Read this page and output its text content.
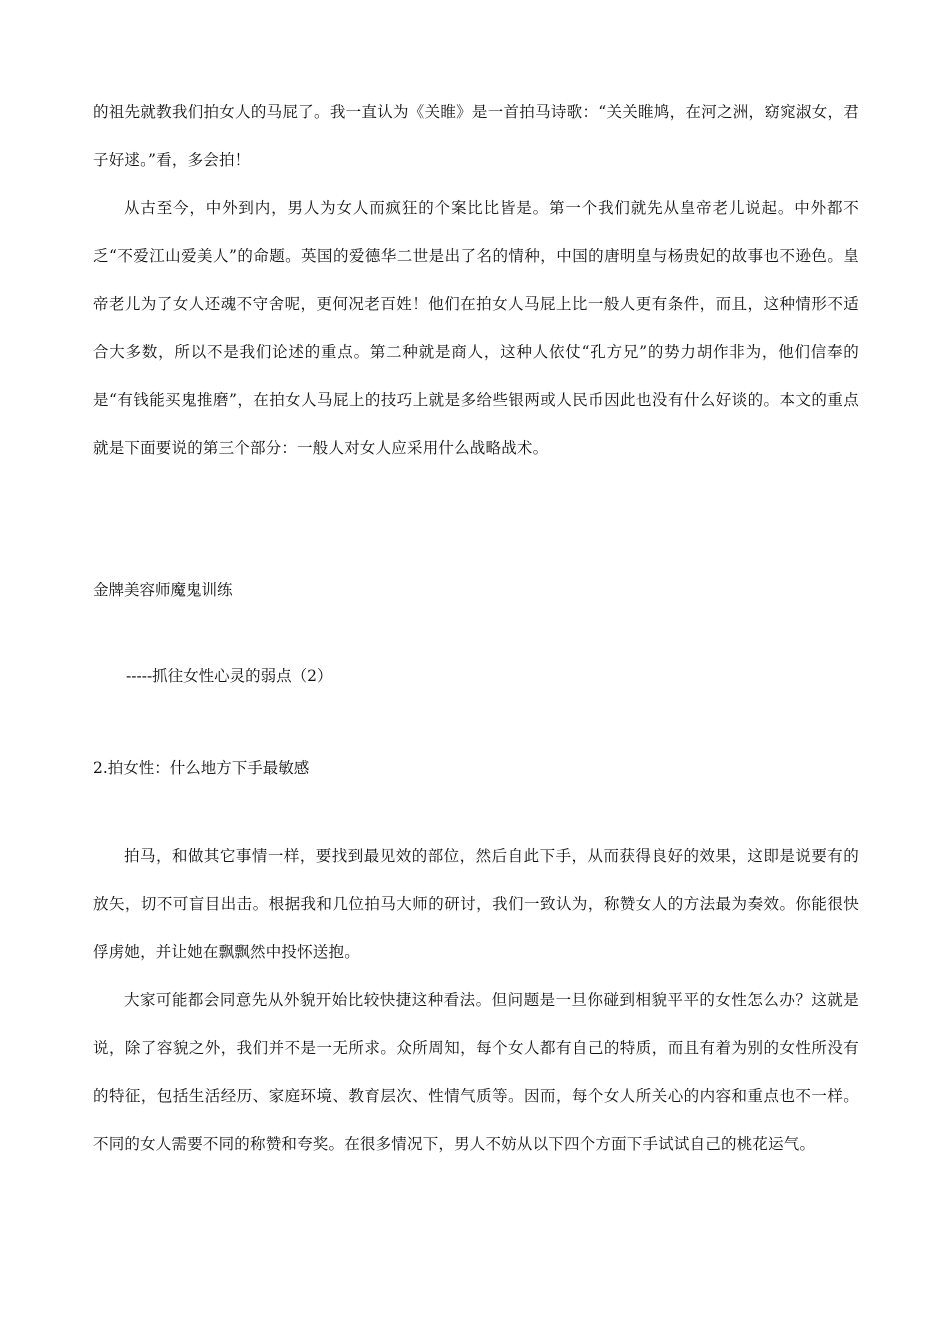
的祖先就教我们拍女人的马屁了。我一直认为《关睢》是一首拍马诗歌：“关关睢鸠，在河之洲，窈窕淑女，君子好逑。”看，多会拍！

从古至今，中外到内，男人为女人而疯狂的个案比比皆是。第一个我们就先从皇帝老儿说起。中外都不乏“不爱江山爱美人”的命题。英国的爱德华二世是出了名的情种，中国的唐明皇与杨贵妃的故事也不逊色。皇帝老儿为了女人还魂不守舍呢，更何况老百姓！他们在拍女人马屁上比一般人更有条件，而且，这种情形不适合大多数，所以不是我们论述的重点。第二种就是商人，这种人依仗“孔方兄”的势力胡作非为，他们信奉的是“有钱能买鬼推磨”，在拍女人马屁上的技巧上就是多给些银两或人民币因此也没有什么好谈的。本文的重点就是下面要说的第三个部分：一般人对女人应采用什么战略战术。

金牌美容师魔鬼训练

-----抓往女性心灵的弱点（2）

2.拍女性：什么地方下手最敏感

拍马，和做其它事情一样，要找到最见效的部位，然后自此下手，从而获得良好的效果，这即是说要有的放矢，切不可盲目出击。根据我和几位拍马大师的研讨，我们一致认为，称赞女人的方法最为奏效。你能很快俘虏她，并让她在飘飘然中投怀送抱。

大家可能都会同意先从外貌开始比较快捷这种看法。但问题是一旦你碰到相貌平平的女性怎么办？这就是说，除了容貌之外，我们并不是一无所求。众所周知，每个女人都有自己的特质，而且有着为别的女性所没有的特征，包括生活经历、家庭环境、教育层次、性情气质等。因而，每个女人所关心的内容和重点也不一样。不同的女人需要不同的称赞和夸奖。在很多情况下，男人不妨从以下四个方面下手试试自己的桃花运气。
